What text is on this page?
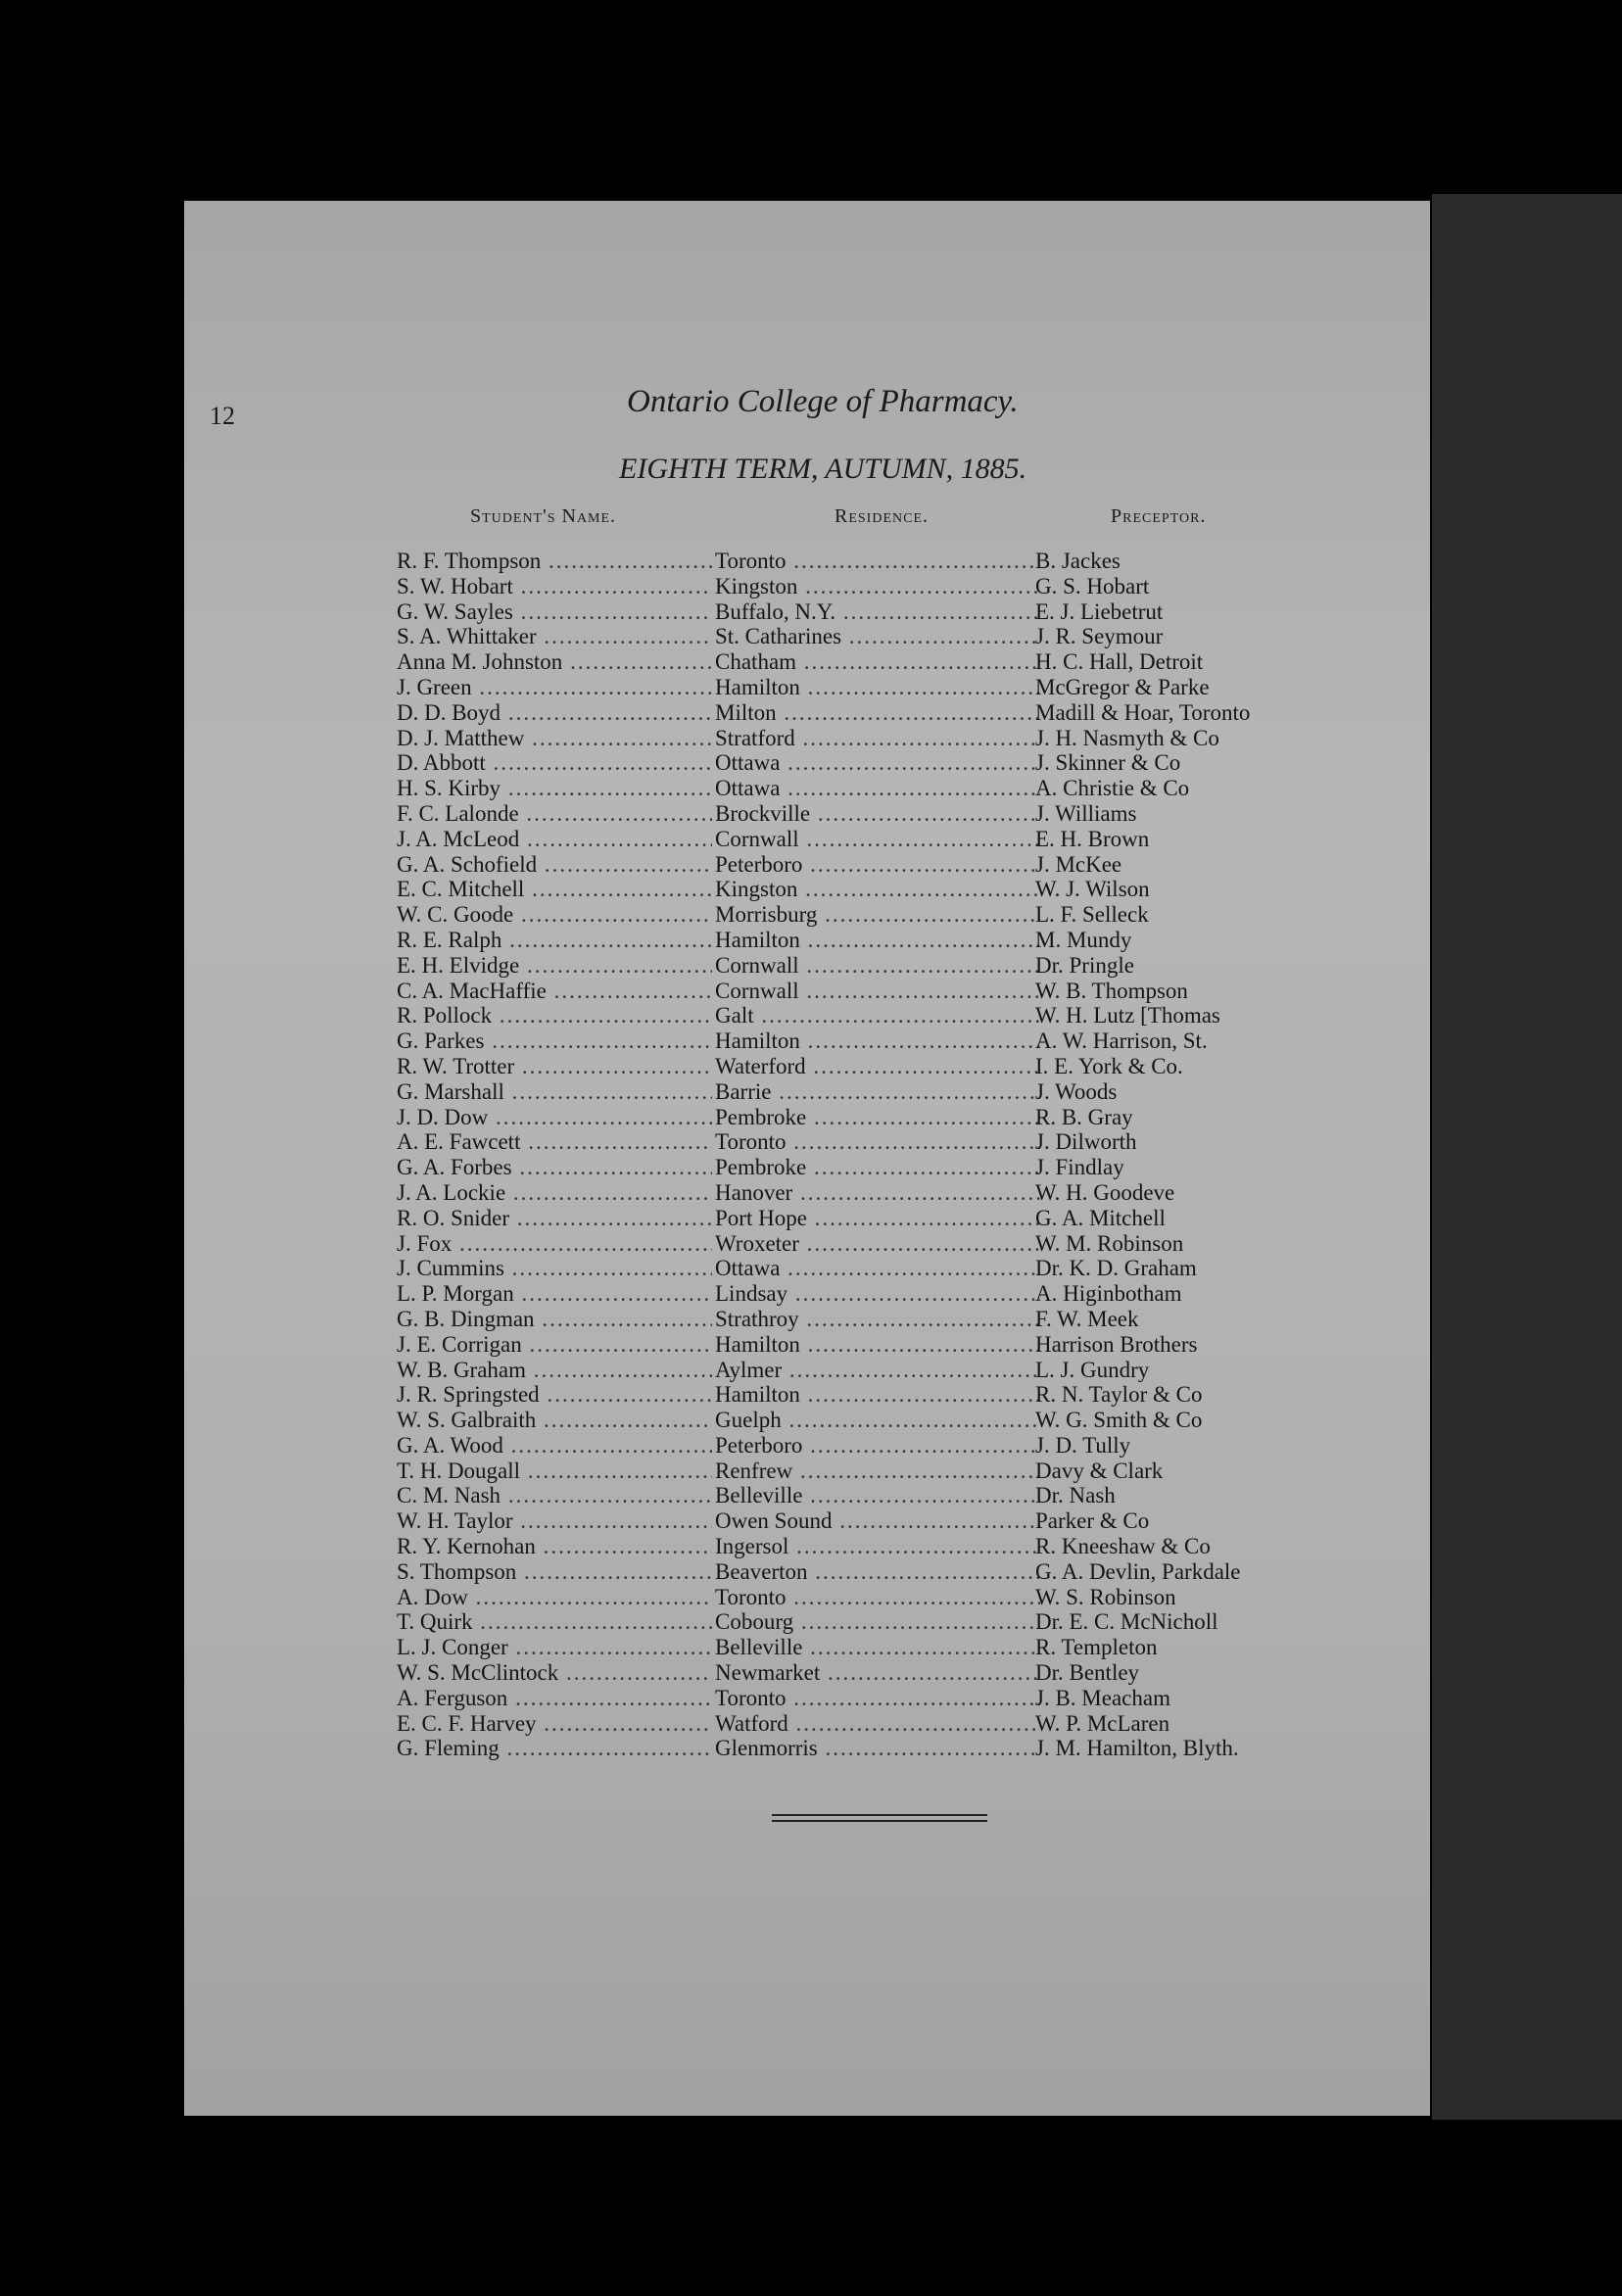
12	Ontario College of Pharmacy.
EIGHTH TERM, AUTUMN, 1885.
Student's Name.	Residence.	Preceptor.
R. F. Thompson .....	Toronto .....	B. Jackes
S. W. Hobart .....	Kingston .....	G. S. Hobart
G. W. Sayles .....	Buffalo, N.Y. .....	E. J. Liebetrut
S. A. Whittaker .....	St. Catharines .....	J. R. Seymour
Anna M. Johnston .....	Chatham .....	H. C. Hall, Detroit
J. Green .....	Hamilton .....	McGregor & Parke
D. D. Boyd .....	Milton .....	Madill & Hoar, Toronto
D. J. Matthew .....	Stratford .....	J. H. Nasmyth & Co
D. Abbott .....	Ottawa .....	J. Skinner & Co
H. S. Kirby .....	Ottawa .....	A. Christie & Co
F. C. Lalonde .....	Brockville .....	J. Williams
J. A. McLeod .....	Cornwall .....	E. H. Brown
G. A. Schofield .....	Peterboro .....	J. McKee
E. C. Mitchell .....	Kingston .....	W. J. Wilson
W. C. Goode .....	Morrisburg .....	L. F. Selleck
R. E. Ralph .....	Hamilton .....	M. Mundy
E. H. Elvidge .....	Cornwall .....	Dr. Pringle
C. A. MacHaffie .....	Cornwall .....	W. B. Thompson
R. Pollock .....	Galt .....	W. H. Lutz [Thomas
G. Parkes .....	Hamilton .....	A. W. Harrison, St.
R. W. Trotter .....	Waterford .....	I. E. York & Co.
G. Marshall .....	Barrie .....	J. Woods
J. D. Dow .....	Pembroke .....	R. B. Gray
A. E. Fawcett .....	Toronto .....	J. Dilworth
G. A. Forbes .....	Pembroke .....	J. Findlay
J. A. Lockie .....	Hanover .....	W. H. Goodeve
R. O. Snider .....	Port Hope .....	G. A. Mitchell
J. Fox .....	Wroxeter .....	W. M. Robinson
J. Cummins .....	Ottawa .....	Dr. K. D. Graham
L. P. Morgan .....	Lindsay .....	A. Higinbotham
G. B. Dingman .....	Strathroy .....	F. W. Meek
J. E. Corrigan .....	Hamilton .....	Harrison Brothers
W. B. Graham .....	Aylmer .....	L. J. Gundry
J. R. Springsted .....	Hamilton .....	R. N. Taylor & Co
W. S. Galbraith .....	Guelph .....	W. G. Smith & Co
G. A. Wood .....	Peterboro .....	J. D. Tully
T. H. Dougall .....	Renfrew .....	Davy & Clark
C. M. Nash .....	Belleville .....	Dr. Nash
W. H. Taylor .....	Owen Sound .....	Parker & Co
R. Y. Kernohan .....	Ingersol .....	R. Kneeshaw & Co
S. Thompson .....	Beaverton .....	G. A. Devlin, Parkdale
A. Dow .....	Toronto .....	W. S. Robinson
T. Quirk .....	Cobourg .....	Dr. E. C. McNicholl
L. J. Conger .....	Belleville .....	R. Templeton
W. S. McClintock .....	Newmarket .....	Dr. Bentley
A. Ferguson .....	Toronto .....	J. B. Meacham
E. C. F. Harvey .....	Watford .....	W. P. McLaren
G. Fleming .....	Glenmorris .....	J. M. Hamilton, Blyth.
